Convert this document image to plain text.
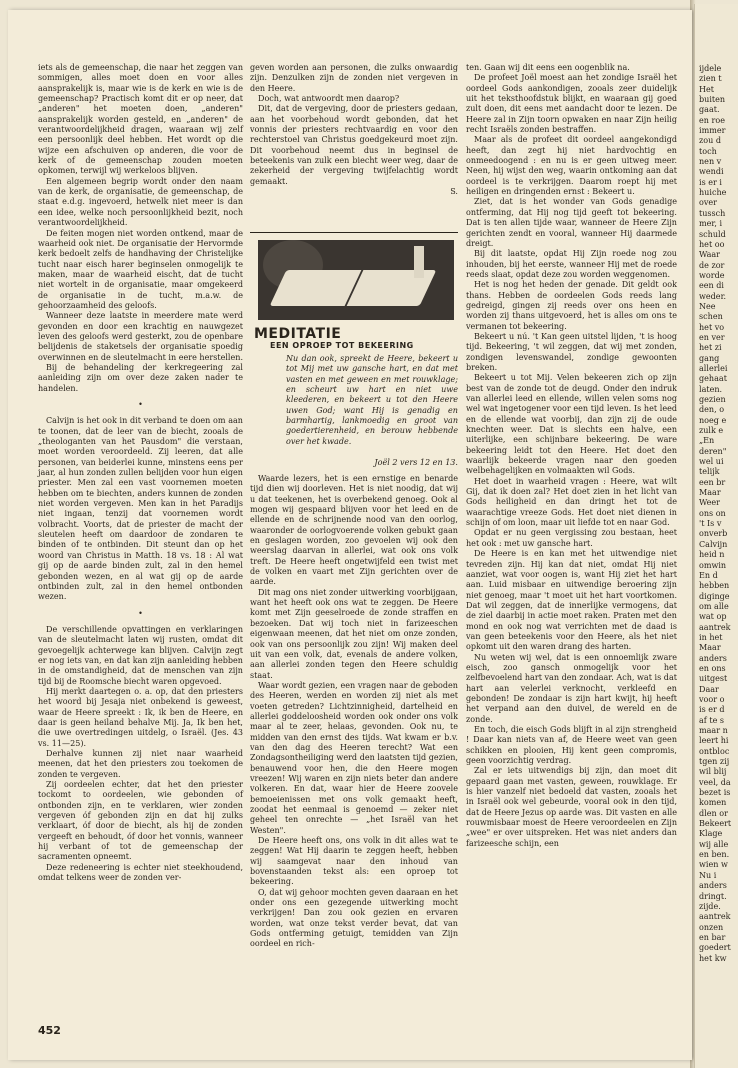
iets als de gemeenschap, die naar het zeggen van sommigen, alles moet doen en voor alles aansprakelijk is, maar wie is de kerk en wie is de gemeenschap? Practisch komt dit er op neer, dat „anderen" het moeten doen, „anderen" aansprakelijk worden gesteld, en „anderen" de verantwoordelijkheid dragen, waaraan wij zelf een persoonlijk deel hebben. Het wordt op die wijze een afschuiven op anderen, die voor de kerk of de gemeenschap zouden moeten opkomen, terwijl wij werkeloos blijven.

Een algemeen begrip wordt onder den naam van de kerk, de organisatie, de gemeenschap, de staat e.d.g. ingevoerd, hetwelk niet meer is dan een idee, welke noch persoonlijkheid bezit, noch verantwoordelijkheid.

De feiten mogen niet worden ontkend, maar de waarheid ook niet. De organisatie der Hervormde kerk bedoelt zelfs de handhaving der Christelijke tucht naar eisch harer beginselen onmogelijk te maken, maar de waarheid eischt, dat de tucht niet wortelt in de organisatie, maar omgekeerd de organisatie in de tucht, m.a.w. de gehoorzaamheid des geloofs.

Wanneer deze laatste in meerdere mate werd gevonden en door een krachtig en nauwgezet leven des geloofs werd gesterkt, zou de openbare belijdenis de staketsels der organisatie spoedig overwinnen en de sleutelmacht in eere herstellen.

Bij de behandeling der kerkregeering zal aanleiding zijn om over deze zaken nader te handelen.

•

Calvijn is het ook in dit verband te doen om aan te toonen, dat de leer van de biecht, zooals de „theologanten van het Pausdom" die verstaan, moet worden veroordeeld. Zij leeren, dat alle personen, van beiderlei kunne, minstens eens per jaar, al hun zonden zullen belijden voor hun eigen priester. Men zal een vast voornemen moeten hebben om te biechten, anders kunnen de zonden niet worden vergeven. Men kan in het Paradijs niet ingaan, tenzij dat voornemen wordt volbracht. Voorts, dat de priester de macht der sleutelen heeft om daardoor de zondaren te binden of te ontbinden. Dit steunt dan op het woord van Christus in Matth. 18 vs. 18 : Al wat gij op de aarde binden zult, zal in den hemel gebonden wezen, en al wat gij op de aarde ontbinden zult, zal in den hemel ontbonden wezen.

•

De verschillende opvattingen en verklaringen van de sleutelmacht laten wij rusten, omdat dit gevoegelijk achterwege kan blijven. Calvijn zegt er nog iets van, en dat kan zijn aanleiding hebben in de omstandigheid, dat de menschen van zijn tijd bij de Roomsche biecht waren opgevoed.

Hij merkt daartegen o. a. op, dat den priesters het woord bij Jesaja niet onbekend is geweest, waar de Heere spreekt : Ik, ik ben de Heere, en daar is geen heiland behalve Mij. Ja, Ik ben het, die uwe overtredingen uitdelg, o Israël. (Jes. 43 vs. 11—25).

Derhalve kunnen zij niet naar waarheid meenen, dat het den priesters zou toekomen de zonden te vergeven.

Zij oordeelen echter, dat het den priester tockomt to oordeelen, wie gebonden of ontbonden zijn, en te verklaren, wier zonden vergeven óf gebonden zijn en dat hij zulks verklaart, óf door de biecht, als hij de zonden vergeeft en behoudt, óf door het vonnis, wanneer hij verbant of tot de gemeenschap der sacramenten opneemt.

Deze redeneering is echter niet steekhoudend, omdat telkens weer de zonden ver-

geven worden aan personen, die zulks onwaardig zijn. Denzulken zijn de zonden niet vergeven in den Heere.

Doch, wat antwoordt men daarop?

Dit, dat de vergeving, door de priesters gedaan, aan het voorbehoud wordt gebonden, dat het vonnis der priesters rechtvaardig en voor den rechterstoel van Christus goedgekeurd moet zijn. Dit voorbehoud neemt dus in beginsel de beteekenis van zulk een biecht weer weg, daar de zekerheid der vergeving twijfelachtig wordt gemaakt.

S.
MEDITATIE
EEN OPROEP TOT BEKEERING
Nu dan ook, spreekt de Heere, bekeert u tot Mij met uw gansche hart, en dat met vasten en met geween en met rouwklage; en scheurt uw hart en niet uwe kleederen, en bekeert u tot den Heere uwen God; want Hij is genadig en barmhartig, lankmoedig en groot van goedertierenheid, en berouw hebbende over het kwade.
Joël 2 vers 12 en 13.

Waarde lezers, het is een ernstige en benarde tijd dien wij doorleven. Het is niet noodig, dat wij u dat teekenen, het is overbekend genoeg. Ook al mogen wij gespaard blijven voor het leed en de ellende en de schrijnende nood van den oorlog, waaronder de oorlogvoerende volken gebukt gaan en geslagen worden, zoo gevoelen wij ook den weerslag daarvan in allerlei, wat ook ons volk treft. De Heere heeft ongetwijfeld een twist met de volken en vaart met Zijn gerichten over de aarde.

Dit mag ons niet zonder uitwerking voorbijgaan, want het heeft ook ons wat te zeggen. De Heere komt met Zijn geeselroede de zonde straffen en bezoeken. Dat wij toch niet in farizeeschen eigenwaan meenen, dat het niet om onze zonden, ook van ons persoonlijk zou zijn! Wij maken deel uit van een volk, dat, evenals de andere volken, aan allerlei zonden tegen den Heere schuldig staat.

Waar wordt gezien, een vragen naar de geboden des Heeren, werden en worden zij niet als met voeten getreden? Lichtzinnigheid, dartelheid en allerlei goddeloosheid worden ook onder ons volk maar al te zeer, helaas, gevonden. Ook nu, te midden van den ernst des tijds. Wat kwam er b.v. van den dag des Heeren terecht? Wat een Zondagsontheiliging werd den laatsten tijd gezien, benauwend voor hen, die den Heere mogen vreezen! Wij waren en zijn niets beter dan andere volkeren. En dat, waar hier de Heere zoovele bemoeienissen met ons volk gemaakt heeft, zoodat het eenmaal is genoemd — zeker niet geheel ten onrechte — „het Israël van het Westen".

De Heere heeft ons, ons volk in dit alles wat te zeggen! Wat Hij daarin te zeggen heeft, hebben wij saamgevat naar den inhoud van bovenstaanden tekst als: een oproep tot bekeering.

O, dat wij gehoor mochten geven daaraan en het onder ons een gezegende uitwerking mocht verkrijgen! Dan zou ook gezien en ervaren worden, wat onze tekst verder bevat, dat van Gods ontferming getuigt, temidden van Zijn oordeel en rich-

ten. Gaan wij dit eens een oogenblik na.

De profeet Joël moest aan het zondige Israël het oordeel Gods aankondigen, zooals zeer duidelijk uit het teksthoofdstuk blijkt, en waaraan gij goed zult doen, dit eens met aandacht door te lezen. De Heere zal in Zijn toorn opwaken en naar Zijn heilig recht Israëls zonden bestraffen.

Maar als de profeet dit oordeel aangekondigd heeft, dan zegt hij niet hardvochtig en onmeedoogend : en nu is er geen uitweg meer. Neen, hij wijst den weg, waarin ontkoming aan dat oordeel is te verkrijgen. Daarom roept hij met heiligen en dringenden ernst : Bekeert u.

Ziet, dat is het wonder van Gods genadige ontferming, dat Hij nog tijd geeft tot bekeering. Dat is ten allen tijde waar, wanneer de Heere Zijn gerichten zendt en vooral, wanneer Hij daarmede dreigt.

Bij dit laatste, opdat Hij Zijn roede nog zou inhouden, bij het eerste, wanneer Hij met de roede reeds slaat, opdat deze zou worden weggenomen.

Het is nog het heden der genade. Dit geldt ook thans. Hebben de oordeelen Gods reeds lang gedreigd, gingen zij reeds over ons heen en worden zij thans uitgevoerd, het is alles om ons te vermanen tot bekeering.

Bekeert u nú. 't Kan geen uitstel lijden, 't is hoog tijd. Bekeering, 't wil zeggen, dat wij met zonden, zondigen levenswandel, zondige gewoonten breken.

Bekeert u tot Mij. Velen bekeeren zich op zijn best van de zonde tot de deugd. Onder den indruk van allerlei leed en ellende, willen velen soms nog wel wat ingetogener voor een tijd leven. Is het leed en de ellende wat voorbij, dan zijn zij de oude knechten weer. Dat is slechts een halve, een uiterlijke, een schijnbare bekeering. De ware bekeering leidt tot den Heere. Het doet den waarlijk bekeerde vragen naar den goeden welbehagelijken en volmaakten wil Gods.

Het doet in waarheid vragen : Heere, wat wilt Gij, dat ik doen zal? Het doet zien in het licht van Gods heiligheid en dan dringt het tot de waarachtige vreeze Gods. Het doet niet dienen in schijn of om loon, maar uit liefde tot en naar God.

Opdat er nu geen vergissing zou bestaan, heet het ook : met uw gansche hart.

De Heere is en kan met het uitwendige niet tevreden zijn. Hij kan dat niet, omdat Hij niet aanziet, wat voor oogen is, want Hij ziet het hart aan. Luid misbaar en uitwendige beroering zijn niet genoeg, maar 't moet uit het hart voortkomen. Dat wil zeggen, dat de innerlijke vermogens, dat de ziel daarbij in actie moet raken. Praten met den mond en ook nog wat verrichten met de daad is van geen beteekenis voor den Heere, als het niet opkomt uit den waren drang des harten.

Nu weten wij wel, dat is een onnoemlijk zware eisch, zoo gansch onmogelijk voor het zelfbevoelend hart van den zondaar. Ach, wat is dat hart aan velerlei verknocht, verkleefd en gebonden! De zondaar is zijn hart kwijt, hij heeft het verpand aan den duivel, de wereld en de zonde.

En toch, die eisch Gods blijft in al zijn strengheid ! Daar kan niets van af, de Heere weet van geen schikken en plooien, Hij kent geen compromis, geen voorzichtig verdrag.

Zal er iets uitwendigs bij zijn, dan moet dit gepaard gaan met vasten, geween, rouwklage. Er is hier vanzelf niet bedoeld dat vasten, zooals het in Israël ook wel gebeurde, vooral ook in den tijd, dat de Heere Jezus op aarde was. Dit vasten en alle rouwmisbaar moest de Heere veroordeelen en Zijn „wee" er over uitspreken. Het was niet anders dan farizeesche schijn, een

452
ijdele
zien t
Het
buiten
gaat.
en roe
immer
zou d
toch
nen v
wendi
is er i
huiche
over
tussch
mer, i
schuld
het oo
Waar
de zor
worde
een di
weder.
Nee
schen
het vo
en ver
het zi
gang
allerlei
gehaat
laten.
gezien
den, o
noeg e
zulk e
„En
deren"
wel ui
telijk
een br
Maar
Weer
ons on
't Is v
onverb
Calvijn
heid n
omwin
En d
hebben
diginge
om alle
wat op
aantrek
in het
Maar
anders
en ons
uitgest
Daar
voor o
is er d
af te s
maar n
leert hi
ontbloc
tgen zij
wil blij
veel, da
bezet is
komen
dlen or
Bekeert
Klage
wij alle
en ben.
wien w
Nu i
anders
dringt.
zijde.
aantrek
onzen
en bar
goedert
het kw
